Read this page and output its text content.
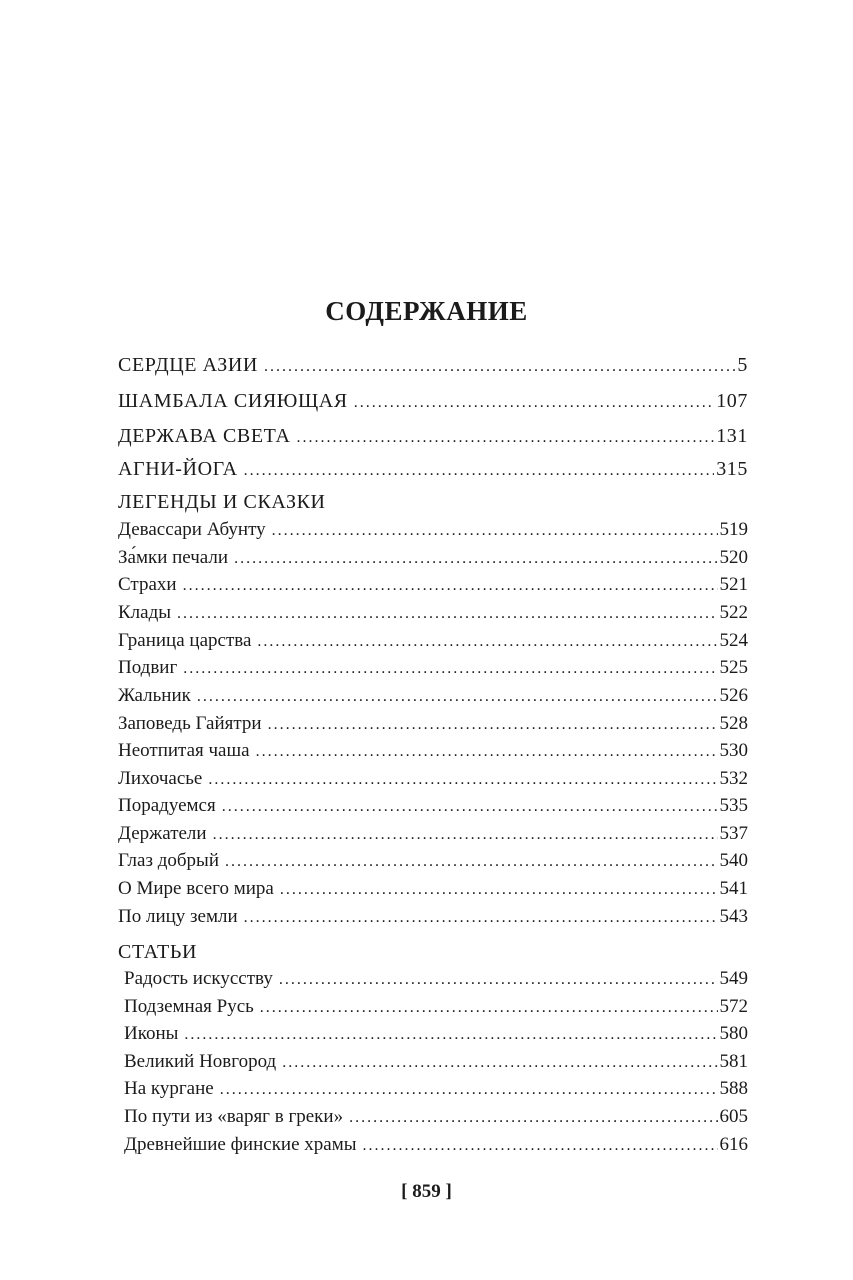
СОДЕРЖАНИЕ
СЕРДЦЕ АЗИИ . . .	5
ШАМБАЛА СИЯЮЩАЯ . . .	107
ДЕРЖАВА СВЕТА . . .	131
АГНИ-ЙОГА . . .	315
ЛЕГЕНДЫ И СКАЗКИ
Девассари Абунту . . .	519
За́мки печали . . .	520
Страхи . . .	521
Клады . . .	522
Граница царства . . .	524
Подвиг . . .	525
Жальник . . .	526
Заповедь Гайятри . . .	528
Неотпитая чаша . . .	530
Лихочасье . . .	532
Порадуемся . . .	535
Держатели . . .	537
Глаз добрый . . .	540
О Мире всего мира . . .	541
По лицу земли . . .	543
СТАТЬИ
Радость искусству . . .	549
Подземная Русь . . .	572
Иконы . . .	580
Великий Новгород . . .	581
На кургане . . .	588
По пути из «варяг в греки» . . .	605
Древнейшие финские храмы . . .	616
[ 859 ]
